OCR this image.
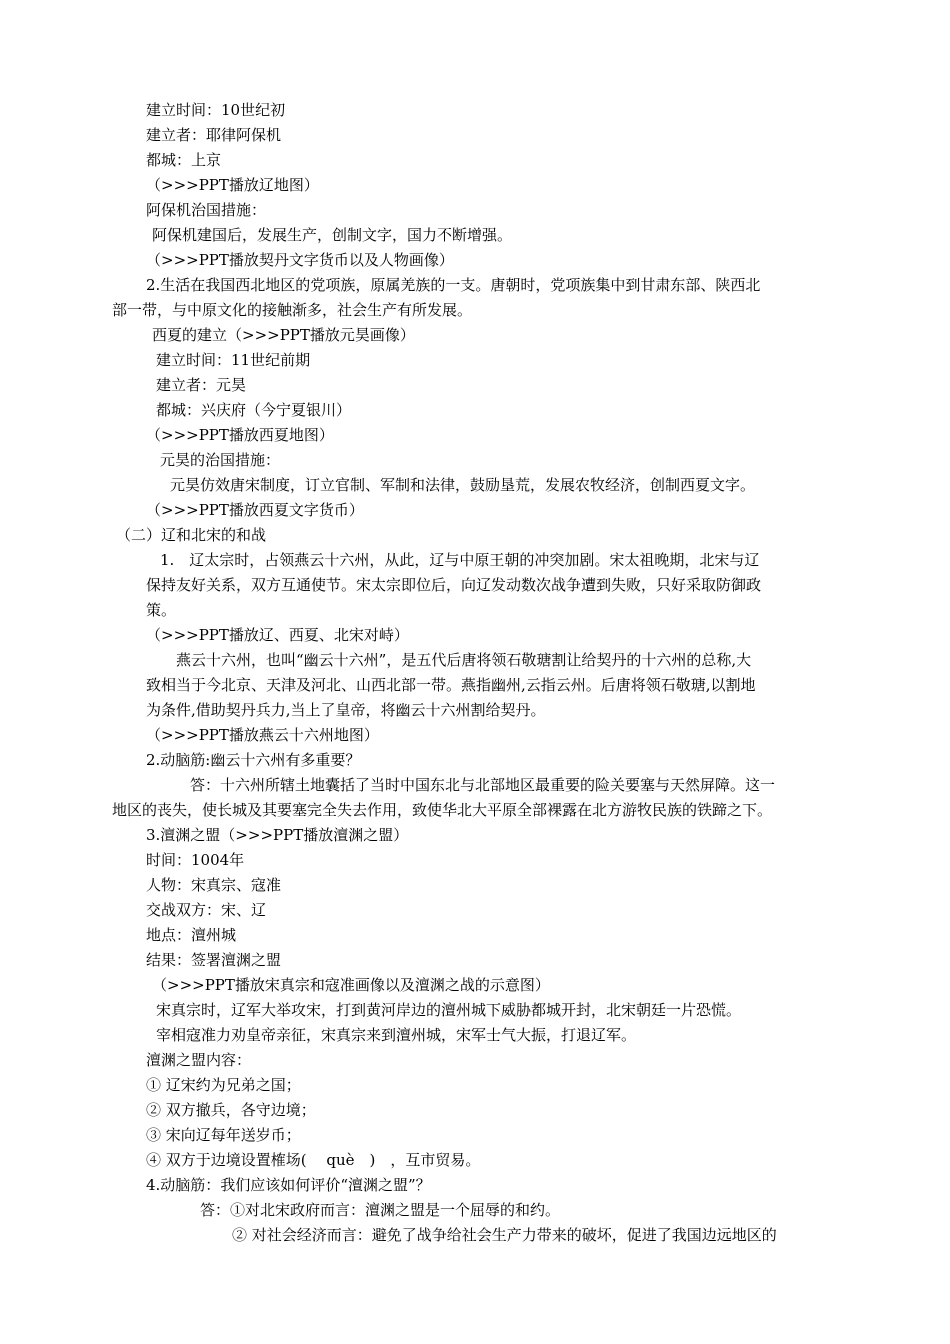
建立时间：10世纪初
建立者：耶律阿保机
都城：上京
（>>>PPT播放辽地图）
阿保机治国措施：
阿保机建国后，发展生产，创制文字，国力不断增强。
（>>>PPT播放契丹文字货币以及人物画像）
2.生活在我国西北地区的党项族，原属羌族的一支。唐朝时，党项族集中到甘肃东部、陕西北
部一带，与中原文化的接触渐多，社会生产有所发展。
西夏的建立（>>>PPT播放元昊画像）
建立时间：11世纪前期
建立者：元昊
都城：兴庆府（今宁夏银川）
（>>>PPT播放西夏地图）
元昊的治国措施：
元昊仿效唐宋制度，订立官制、军制和法律，鼓励垦荒，发展农牧经济，创制西夏文字。
（>>>PPT播放西夏文字货币）
（二）辽和北宋的和战
1.　辽太宗时，占领燕云十六州，从此，辽与中原王朝的冲突加剧。宋太祖晚期，北宋与辽
保持友好关系，双方互通使节。宋太宗即位后，向辽发动数次战争遭到失败，只好采取防御政
策。
（>>>PPT播放辽、西夏、北宋对峙）
燕云十六州，也叫“幽云十六州”，是五代后唐将领石敬瑭割让给契丹的十六州的总称,大
致相当于今北京、天津及河北、山西北部一带。燕指幽州,云指云州。后唐将领石敬瑭,以割地
为条件,借助契丹兵力,当上了皇帝，将幽云十六州割给契丹。
（>>>PPT播放燕云十六州地图）
2.动脑筋:幽云十六州有多重要？
答：十六州所辖土地囊括了当时中国东北与北部地区最重要的险关要塞与天然屏障。这一
地区的丧失，使长城及其要塞完全失去作用，致使华北大平原全部裸露在北方游牧民族的铁蹄之下。
3.澶渊之盟（>>>PPT播放澶渊之盟）
时间：1004年
人物：宋真宗、寇准
交战双方：宋、辽
地点：澶州城
结果：签署澶渊之盟
（>>>PPT播放宋真宗和寇准画像以及澶渊之战的示意图）
宋真宗时，辽军大举攻宋，打到黄河岸边的澶州城下威胁都城开封，北宋朝廷一片恐慌。
宰相寇准力劝皇帝亲征，宋真宗来到澶州城，宋军士气大振，打退辽军。
澶渊之盟内容：
① 辽宋约为兄弟之国；
② 双方撤兵，各守边境；
③ 宋向辽每年送岁币；
④ 双方于边境设置榷场(　 què　)　，互市贸易。
4.动脑筋：我们应该如何评价“澶渊之盟”？
答：①对北宋政府而言：澶渊之盟是一个屈辱的和约。
② 对社会经济而言：避免了战争给社会生产力带来的破坏，促进了我国边远地区的
